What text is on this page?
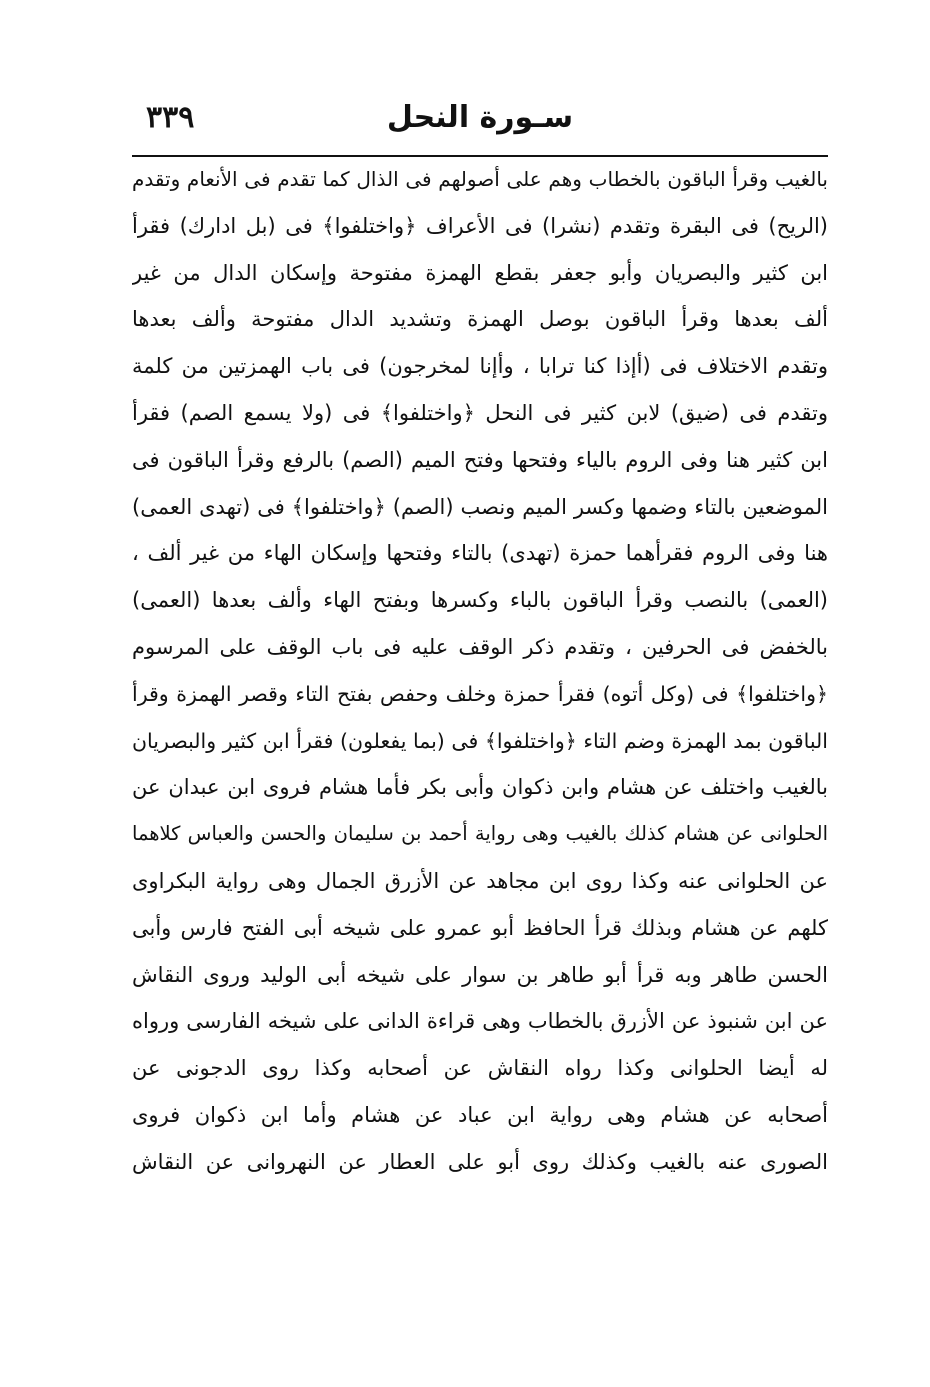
٣٣٩	سـورة النحل
بالغيب وقرأ الباقون بالخطاب وهم على أصولهم فى الذال كما تقدم فى الأنعام وتقدم
(الريح) فى البقرة وتقدم (نشرا) فى الأعراف ﴿واختلفوا﴾ فى (بل ادارك) فقرأ
ابن كثير والبصريان وأبو جعفر بقطع الهمزة مفتوحة وإسكان الدال من غير
ألف بعدها وقرأ الباقون بوصل الهمزة وتشديد الدال مفتوحة وألف بعدها
وتقدم الاختلاف فى (أإذا كنا ترابا ، وأإنا لمخرجون) فى باب الهمزتين من كلمة
وتقدم فى (ضيق) لابن كثير فى النحل ﴿واختلفوا﴾ فى (ولا يسمع الصم) فقرأ
ابن كثير هنا وفى الروم بالياء وفتحها وفتح الميم (الصم) بالرفع وقرأ الباقون فى
الموضعين بالتاء وضمها وكسر الميم ونصب (الصم) ﴿واختلفوا﴾ فى (تهدى العمى)
هنا وفى الروم فقرأهما حمزة (تهدى) بالتاء وفتحها وإسكان الهاء من غير ألف ،
(العمى) بالنصب وقرأ الباقون بالباء وكسرها وبفتح الهاء وألف بعدها (العمى)
بالخفض فى الحرفين ، وتقدم ذكر الوقف عليه فى باب الوقف على المرسوم
﴿واختلفوا﴾ فى (وكل أتوه) فقرأ حمزة وخلف وحفص بفتح التاء وقصر الهمزة وقرأ
الباقون بمد الهمزة وضم التاء ﴿واختلفوا﴾ فى (بما يفعلون) فقرأ ابن كثير والبصريان
بالغيب واختلف عن هشام وابن ذكوان وأبى بكر فأما هشام فروى ابن عبدان عن
الحلوانى عن هشام كذلك بالغيب وهى رواية أحمد بن سليمان والحسن والعباس كلاهما
عن الحلوانى عنه وكذا روى ابن مجاهد عن الأزرق الجمال وهى رواية البكراوى
كلهم عن هشام وبذلك قرأ الحافظ أبو عمرو على شيخه أبى الفتح فارس وأبى
الحسن طاهر وبه قرأ أبو طاهر بن سوار على شيخه أبى الوليد وروى النقاش
عن ابن شنبوذ عن الأزرق بالخطاب وهى قراءة الدانى على شيخه الفارسى ورواه
له أيضا الحلوانى وكذا رواه النقاش عن أصحابه وكذا روى الدجونى عن
أصحابه عن هشام وهى رواية ابن عباد عن هشام وأما ابن ذكوان فروى
الصورى عنه بالغيب وكذلك روى أبو على العطار عن النهروانى عن النقاش
